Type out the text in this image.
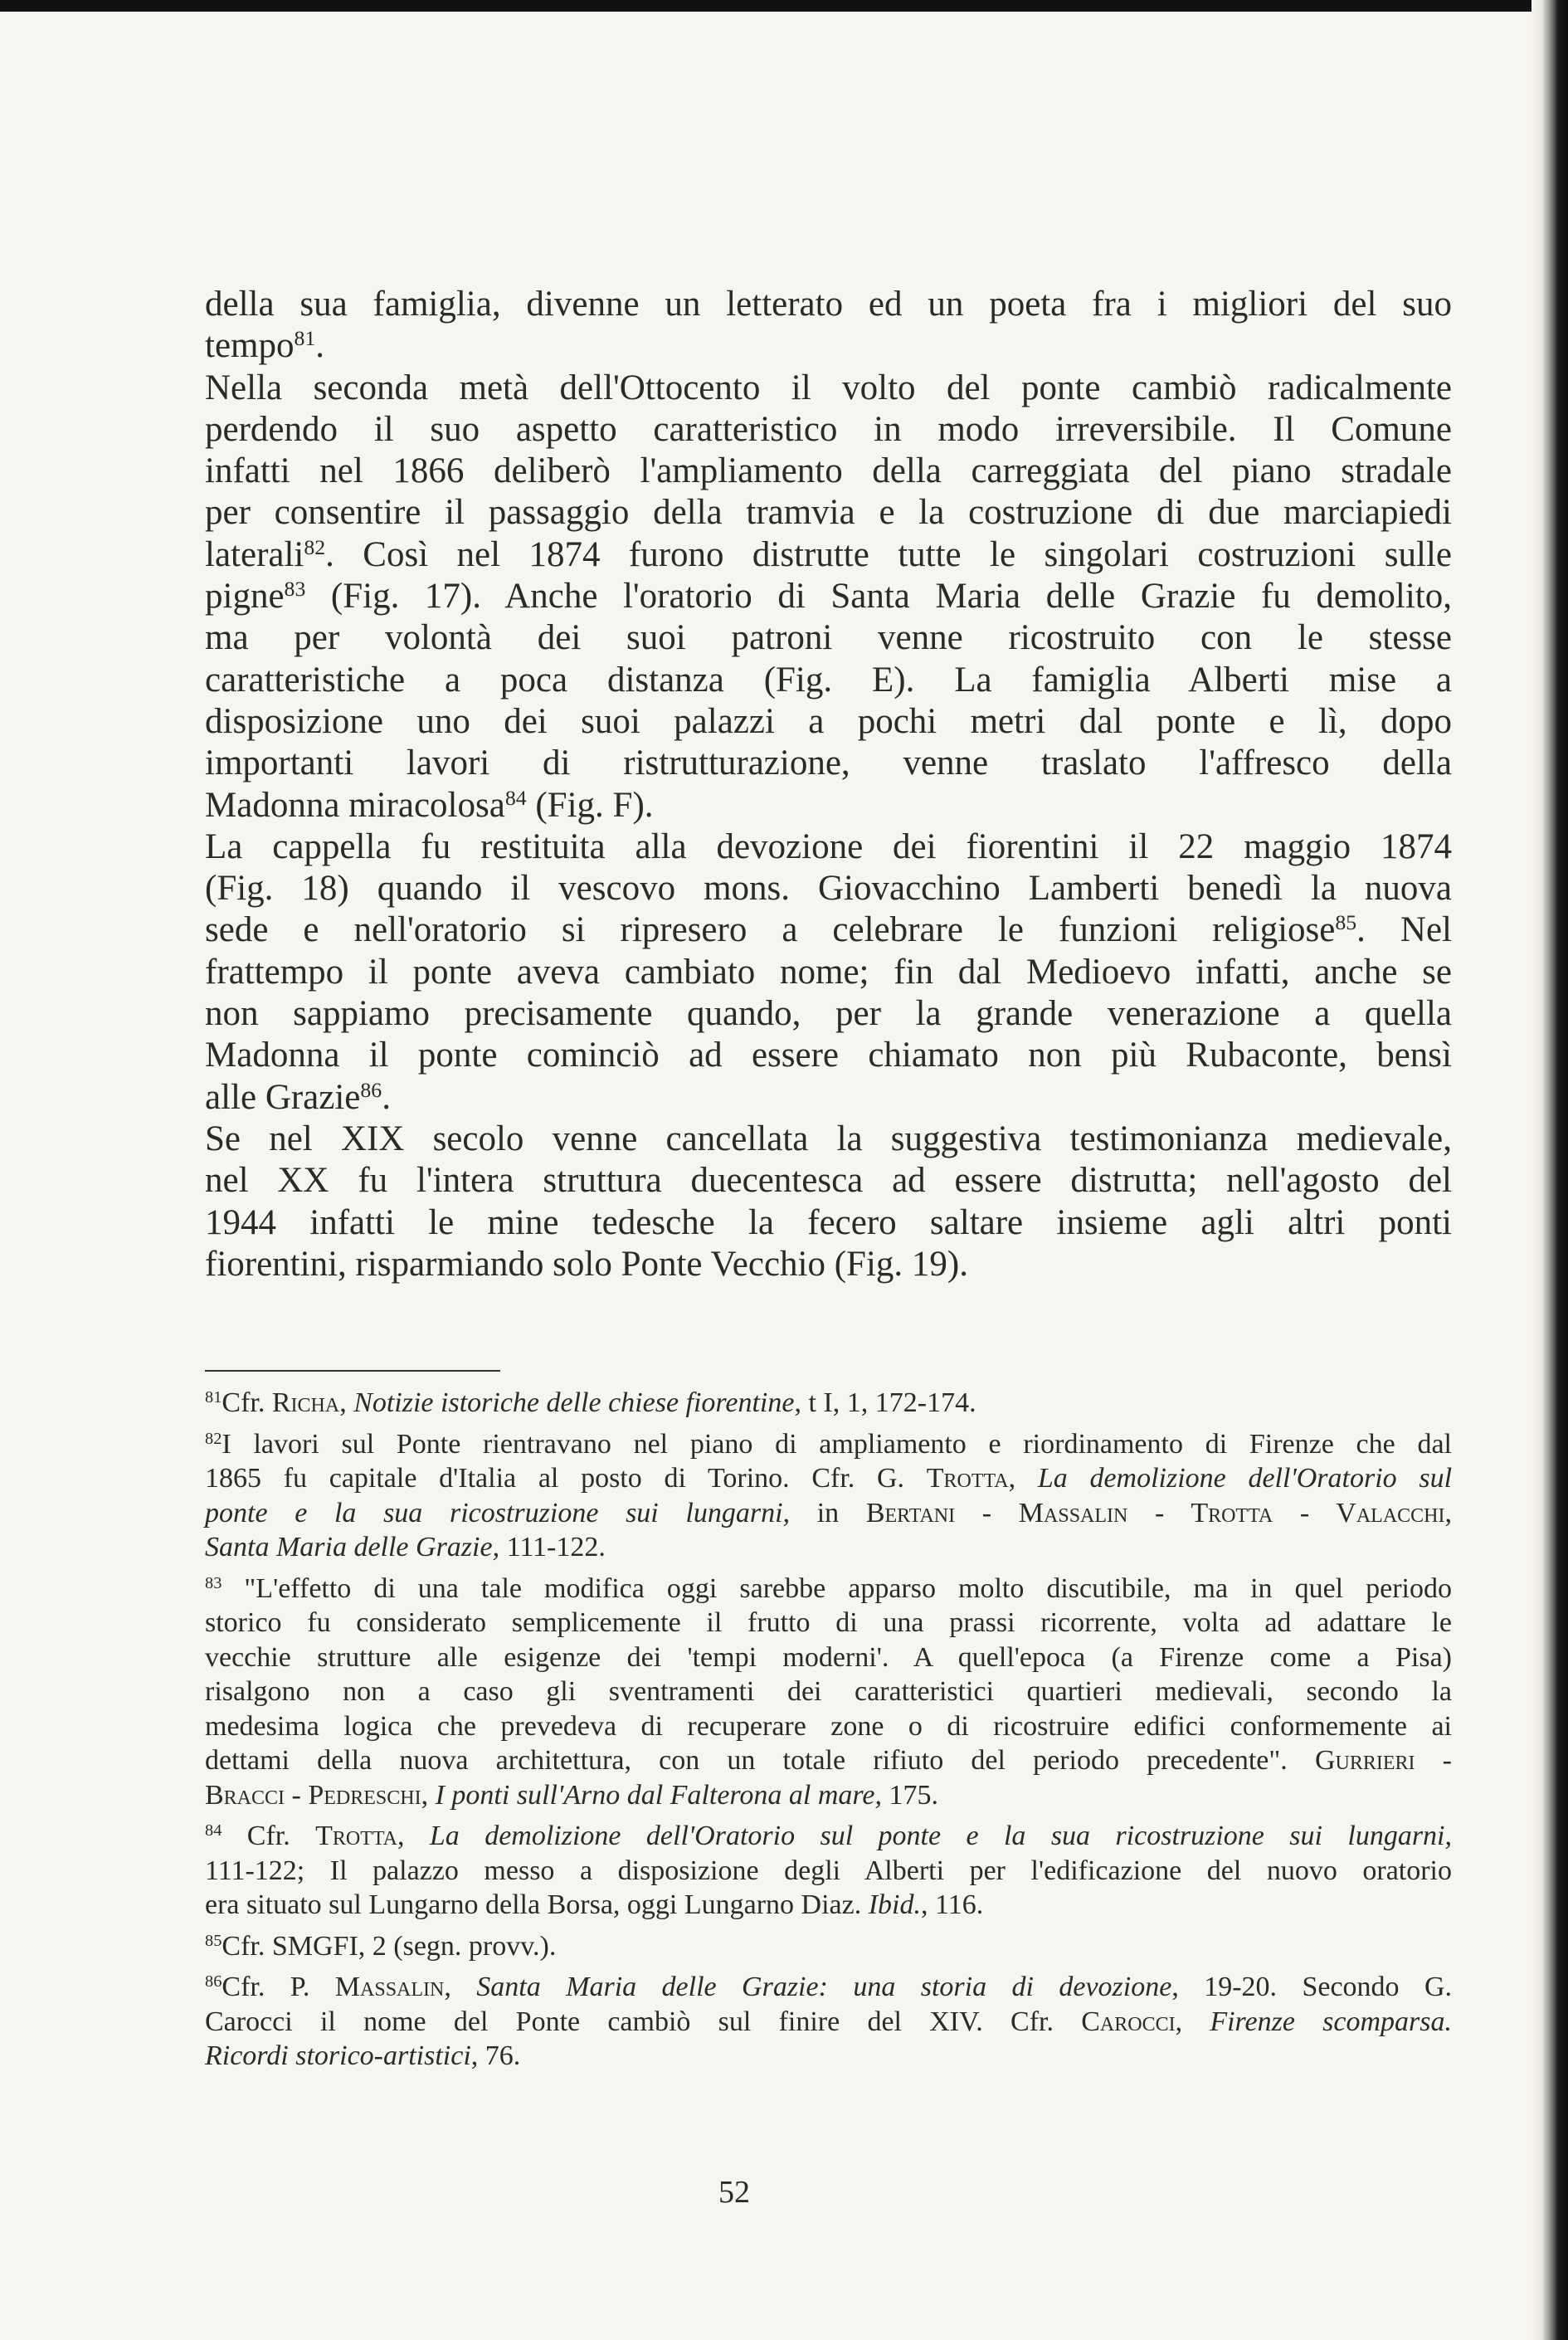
della sua famiglia, divenne un letterato ed un poeta fra i migliori del suo
tempo$^{81}$.
Nella seconda metà dell'Ottocento il volto del ponte cambiò radicalmente
perdendo il suo aspetto caratteristico in modo irreversibile. Il Comune
infatti nel 1866 deliberò l'ampliamento della carreggiata del piano stradale
per consentire il passaggio della tramvia e la costruzione di due marciapiedi
laterali$^{82}$. Così nel 1874 furono distrutte tutte le singolari costruzioni sulle
pigne$^{83}$ (Fig. 17). Anche l'oratorio di Santa Maria delle Grazie fu demolito,
ma per volontà dei suoi patroni venne ricostruito con le stesse
caratteristiche a poca distanza (Fig. E). La famiglia Alberti mise a
disposizione uno dei suoi palazzi a pochi metri dal ponte e lì, dopo
importanti lavori di ristrutturazione, venne traslato l'affresco della
Madonna miracolosa$^{84}$ (Fig. F).
La cappella fu restituita alla devozione dei fiorentini il 22 maggio 1874
(Fig. 18) quando il vescovo mons. Giovacchino Lamberti benedì la nuova
sede e nell'oratorio si ripresero a celebrare le funzioni religiose$^{85}$. Nel
frattempo il ponte aveva cambiato nome; fin dal Medioevo infatti, anche se
non sappiamo precisamente quando, per la grande venerazione a quella
Madonna il ponte cominciò ad essere chiamato non più Rubaconte, bensì
alle Grazie$^{86}$.
Se nel XIX secolo venne cancellata la suggestiva testimonianza medievale,
nel XX fu l'intera struttura duecentesca ad essere distrutta; nell'agosto del
1944 infatti le mine tedesche la fecero saltare insieme agli altri ponti
fiorentini, risparmiando solo Ponte Vecchio (Fig. 19).
$^{81}$Cfr. Richa, Notizie istoriche delle chiese fiorentine, t I, 1, 172-174.
$^{82}$I lavori sul Ponte rientravano nel piano di ampliamento e riordinamento di Firenze che dal
1865 fu capitale d'Italia al posto di Torino. Cfr. G. Trotta, La demolizione dell'Oratorio sul
ponte e la sua ricostruzione sui lungarni, in Bertani - Massalin - Trotta - Valacchi,
Santa Maria delle Grazie, 111-122.
$^{83}$ "L'effetto di una tale modifica oggi sarebbe apparso molto discutibile, ma in quel periodo
storico fu considerato semplicemente il frutto di una prassi ricorrente, volta ad adattare le
vecchie strutture alle esigenze dei 'tempi moderni'. A quell'epoca (a Firenze come a Pisa)
risalgono non a caso gli sventramenti dei caratteristici quartieri medievali, secondo la
medesima logica che prevedeva di recuperare zone o di ricostruire edifici conformemente ai
dettami della nuova architettura, con un totale rifiuto del periodo precedente". Gurrieri -
Bracci - Pedreschi, I ponti sull'Arno dal Falterona al mare, 175.
$^{84}$ Cfr. Trotta, La demolizione dell'Oratorio sul ponte e la sua ricostruzione sui lungarni,
111-122; Il palazzo messo a disposizione degli Alberti per l'edificazione del nuovo oratorio
era situato sul Lungarno della Borsa, oggi Lungarno Diaz. Ibid., 116.
$^{85}$Cfr. SMGFI, 2 (segn. provv.).
$^{86}$Cfr. P. Massalin, Santa Maria delle Grazie: una storia di devozione, 19-20. Secondo G.
Carocci il nome del Ponte cambiò sul finire del XIV. Cfr. Carocci, Firenze scomparsa.
Ricordi storico-artistici, 76.
52
